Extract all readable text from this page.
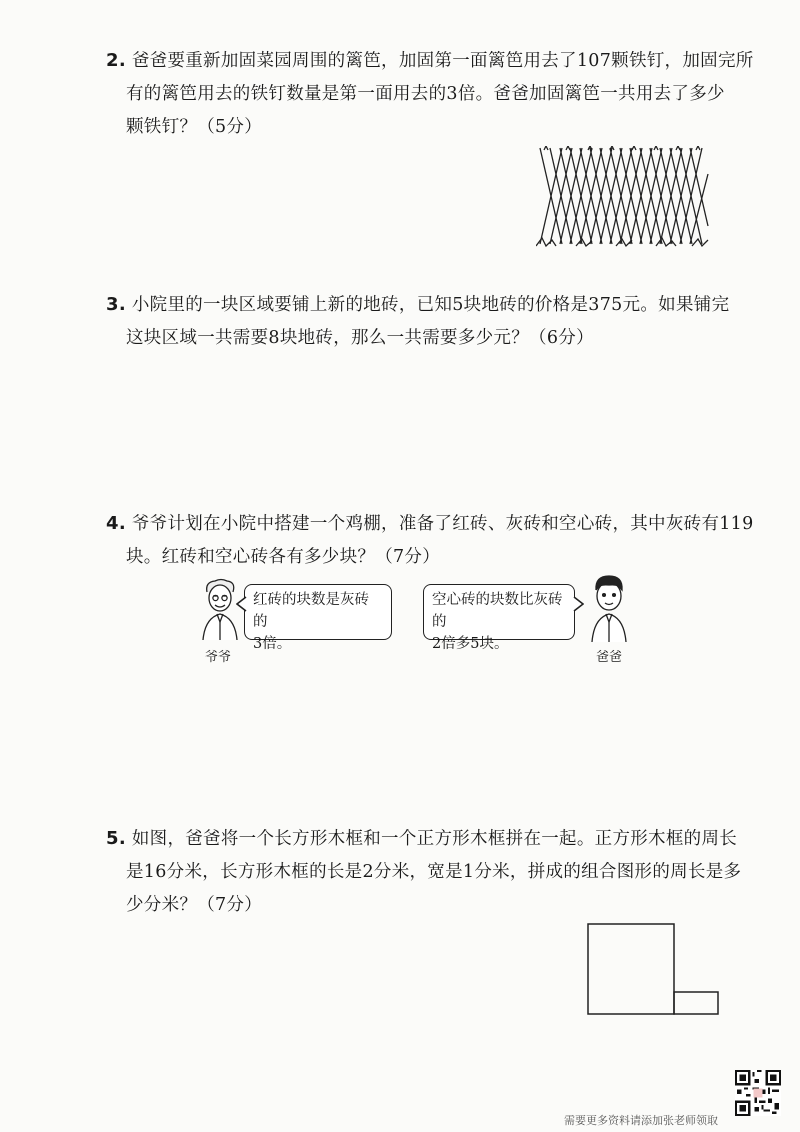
2. 爸爸要重新加固菜园周围的篱笆，加固第一面篱笆用去了107颗铁钉，加固完所
有的篱笆用去的铁钉数量是第一面用去的3倍。爸爸加固篱笆一共用去了多少
颗铁钉？（5分）
3. 小院里的一块区域要铺上新的地砖，已知5块地砖的价格是375元。如果铺完
这块区域一共需要8块地砖，那么一共需要多少元？（6分）
4. 爷爷计划在小院中搭建一个鸡棚，准备了红砖、灰砖和空心砖，其中灰砖有119
块。红砖和空心砖各有多少块？（7分）
爷爷
红砖的块数是灰砖的
3倍。
空心砖的块数比灰砖的
2倍多5块。
爸爸
5. 如图，爸爸将一个长方形木框和一个正方形木框拼在一起。正方形木框的周长
是16分米，长方形木框的长是2分米，宽是1分米，拼成的组合图形的周长是多
少分米？（7分）
需要更多资料请添加张老师领取
